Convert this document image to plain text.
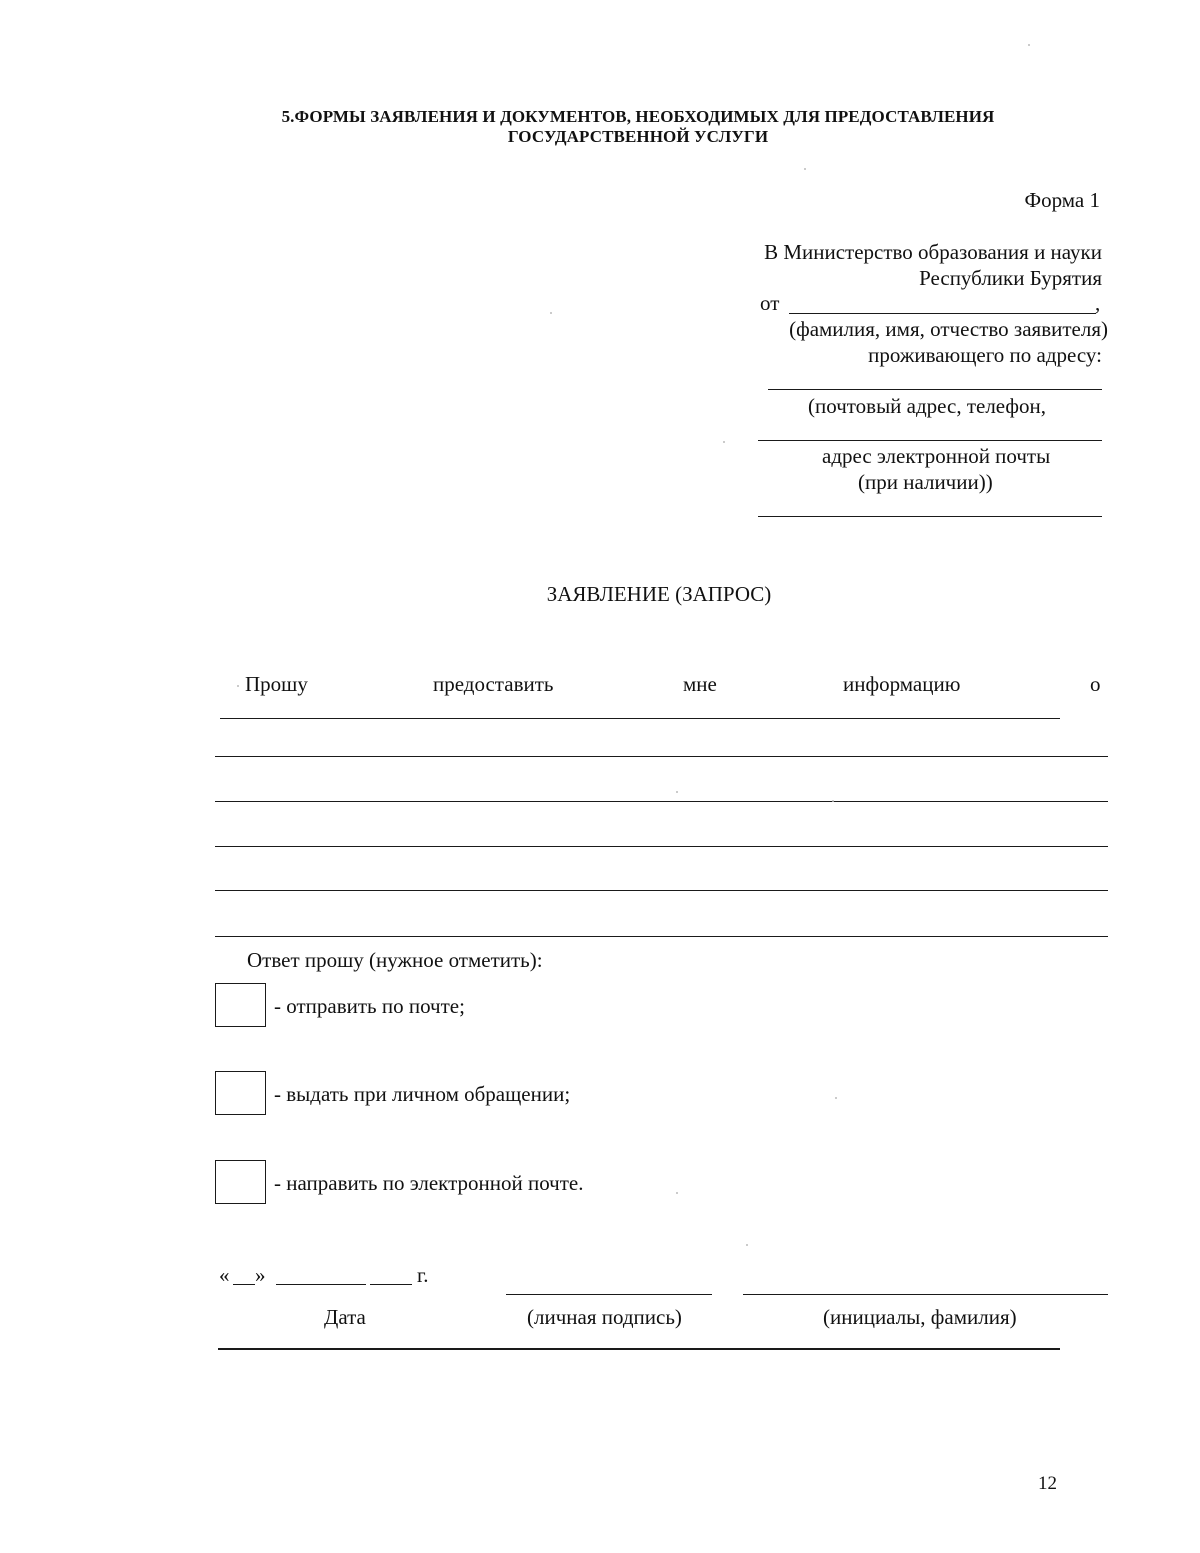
5.ФОРМЫ ЗАЯВЛЕНИЯ И ДОКУМЕНТОВ, НЕОБХОДИМЫХ ДЛЯ ПРЕДОСТАВЛЕНИЯ
ГОСУДАРСТВЕННОЙ УСЛУГИ
Форма 1
В Министерство образования и науки
Республики Бурятия
от	,
(фамилия, имя, отчество заявителя)
проживающего по адресу:
(почтовый адрес, телефон,
адрес электронной почты
(при наличии))
ЗАЯВЛЕНИЕ (ЗАПРОС)
Прошу	предоставить	мне	информацию	о
Ответ прошу (нужное отметить):
- отправить по почте;
- выдать при личном обращении;
- направить по электронной почте.
« »	г.
Дата	(личная подпись)	(инициалы, фамилия)
12
